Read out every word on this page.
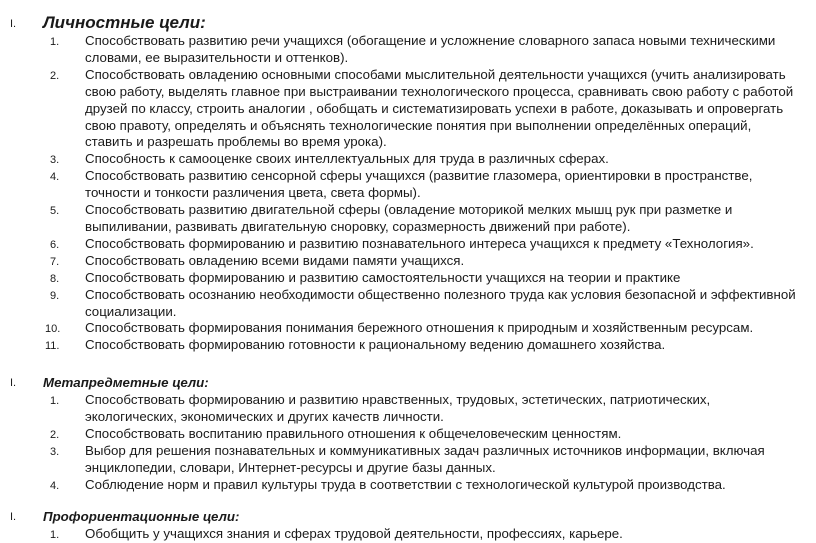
I. Личностные цели:
1. Способствовать развитию речи учащихся (обогащение и усложнение словарного запаса новыми техническими словами, ее выразительности и оттенков).
2. Способствовать овладению основными способами мыслительной деятельности учащихся (учить анализировать свою работу, выделять главное при выстраивании технологического процесса, сравнивать свою работу с работой друзей по классу, строить аналогии , обобщать и систематизировать успехи в работе, доказывать и опровергать свою правоту, определять и объяснять технологические понятия при выполнении определённых операций, ставить и разрешать проблемы во время урока).
3. Способность к самооценке своих интеллектуальных для труда в различных сферах.
4. Способствовать развитию сенсорной сферы учащихся (развитие глазомера, ориентировки в пространстве, точности и тонкости различения цвета, света формы).
5. Способствовать развитию двигательной сферы (овладение моторикой мелких мышц рук при разметке и выпиливании, развивать двигательную сноровку, соразмерность движений при работе).
6. Способствовать формированию и развитию познавательного интереса учащихся к предмету «Технология».
7. Способствовать овладению всеми видами памяти учащихся.
8. Способствовать формированию и развитию самостоятельности учащихся на теории и практике
9. Способствовать осознанию необходимости общественно полезного труда как условия безопасной и эффективной социализации.
10. Способствовать формирования понимания бережного отношения к природным и хозяйственным ресурсам.
11. Способствовать формированию готовности к рациональному ведению домашнего хозяйства.
I. Метапредметные цели:
1. Способствовать формированию и развитию нравственных, трудовых, эстетических, патриотических, экологических, экономических и других качеств личности.
2. Способствовать воспитанию правильного отношения к общечеловеческим ценностям.
3. Выбор для решения познавательных и коммуникативных задач различных источников информации, включая энциклопедии, словари, Интернет-ресурсы и другие базы данных.
4. Соблюдение норм и правил культуры труда в соответствии с технологической культурой производства.
I. Профориентационные цели:
1. Обобщить у учащихся знания и сферах трудовой деятельности, профессиях, карьере.
